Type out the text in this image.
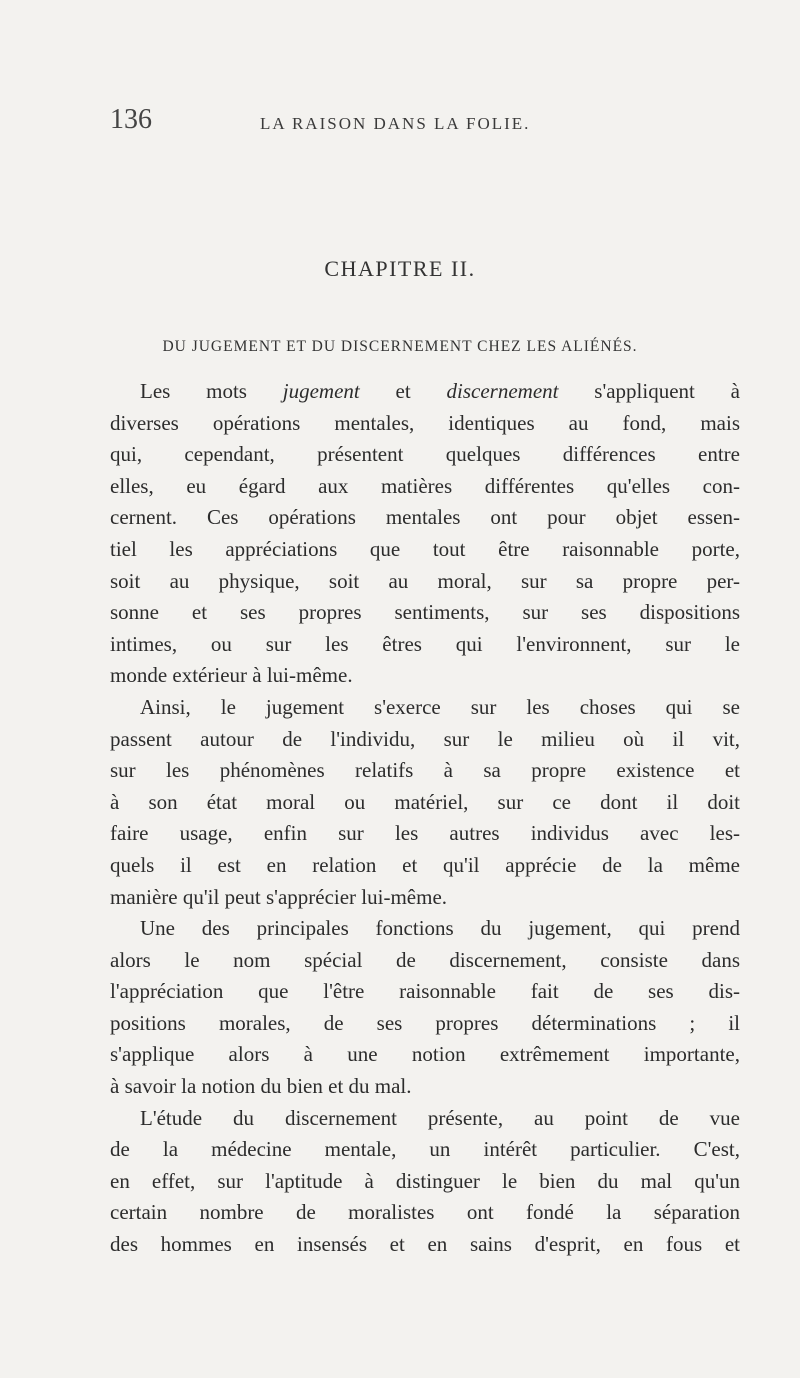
136	LA RAISON DANS LA FOLIE.
CHAPITRE II.
DU JUGEMENT ET DU DISCERNEMENT CHEZ LES ALIÉNÉS.
Les mots jugement et discernement s'appliquent à
diverses opérations mentales, identiques au fond, mais
qui, cependant, présentent quelques différences entre
elles, eu égard aux matières différentes qu'elles con-
cernent. Ces opérations mentales ont pour objet essen-
tiel les appréciations que tout être raisonnable porte,
soit au physique, soit au moral, sur sa propre per-
sonne et ses propres sentiments, sur ses dispositions
intimes, ou sur les êtres qui l'environnent, sur le
monde extérieur à lui-même.
Ainsi, le jugement s'exerce sur les choses qui se
passent autour de l'individu, sur le milieu où il vit,
sur les phénomènes relatifs à sa propre existence et
à son état moral ou matériel, sur ce dont il doit
faire usage, enfin sur les autres individus avec les-
quels il est en relation et qu'il apprécie de la même
manière qu'il peut s'apprécier lui-même.
Une des principales fonctions du jugement, qui prend
alors le nom spécial de discernement, consiste dans
l'appréciation que l'être raisonnable fait de ses dis-
positions morales, de ses propres déterminations ; il
s'applique alors à une notion extrêmement importante,
à savoir la notion du bien et du mal.
L'étude du discernement présente, au point de vue
de la médecine mentale, un intérêt particulier. C'est,
en effet, sur l'aptitude à distinguer le bien du mal qu'un
certain nombre de moralistes ont fondé la séparation
des hommes en insensés et en sains d'esprit, en fous et
